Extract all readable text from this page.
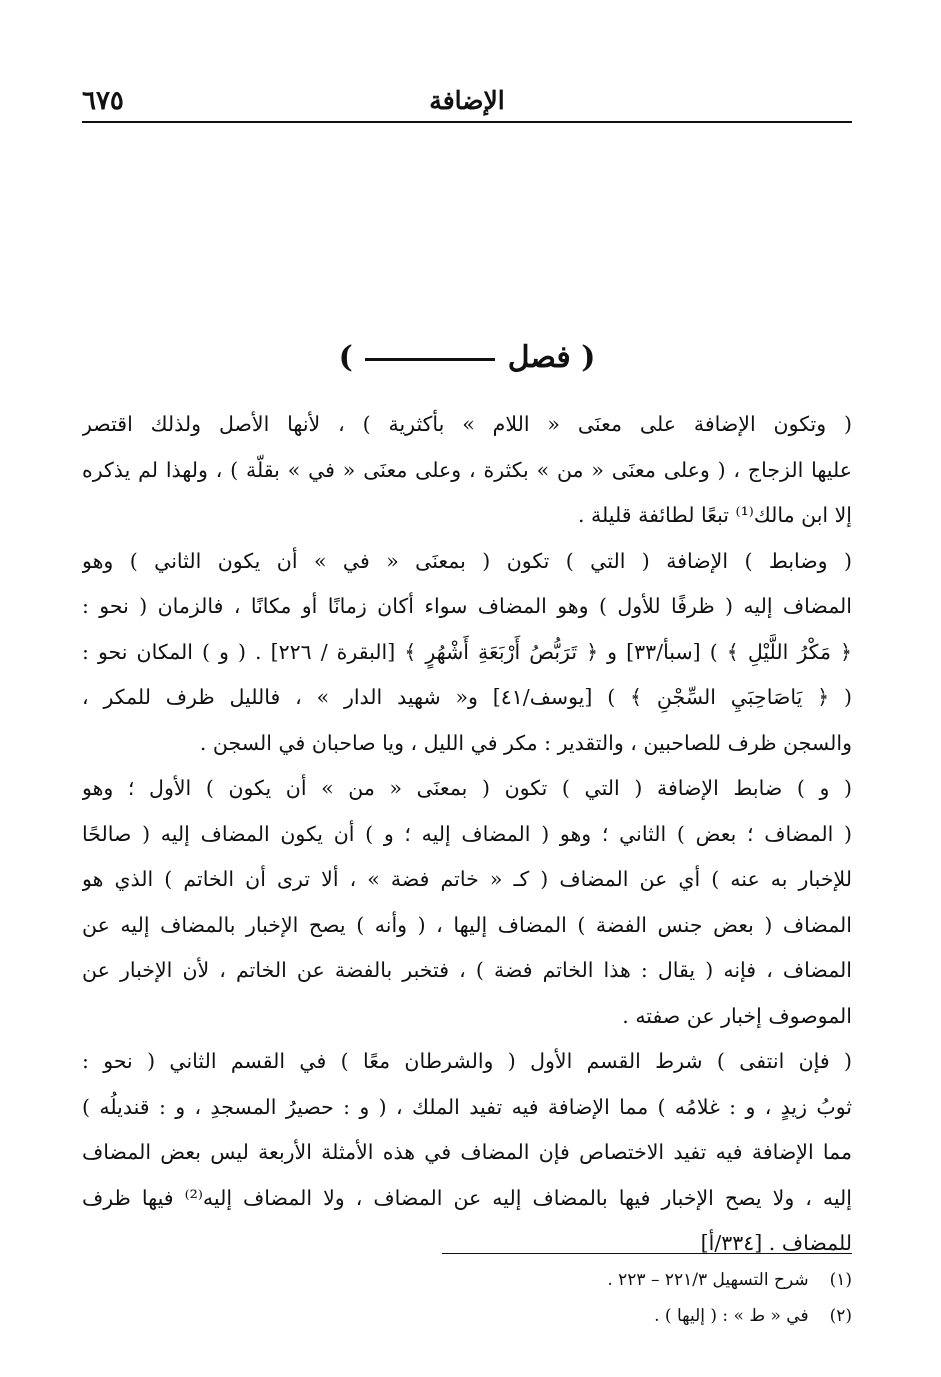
٦٧٥	الإضافة
( فصل  )
( وتكون الإضافة على معنَى « اللام » بأكثرية ) ، لأنها الأصل ولذلك اقتصر
عليها الزجاج ، ( وعلى معنَى « من » بكثرة ، وعلى معنَى « في » بقلّة ) ، ولهذا لم يذكره
إلا ابن مالك⁽¹⁾ تبعًا لطائفة قليلة .
( وضابط ) الإضافة ( التي ) تكون ( بمعنَى « في » أن يكون الثاني ) وهو
المضاف إليه ( ظرفًا للأول ) وهو المضاف سواء أكان زمانًا أو مكانًا ، فالزمان ( نحو :
﴿ مَكْرُ اللَّيْلِ ﴾ ) [سبأ/٣٣] و ﴿ تَرَبُّصُ أَرْبَعَةِ أَشْهُرٍ ﴾ [البقرة / ٢٢٦] . ( و ) المكان نحو :
( ﴿ يَاصَاحِبَيِ السِّجْنِ ﴾ ) [يوسف/٤١] و« شهيد الدار » ، فالليل ظرف للمكر ،
والسجن ظرف للصاحبين ، والتقدير : مكر في الليل ، ويا صاحبان في السجن .
( و ) ضابط الإضافة ( التي ) تكون ( بمعنَى « من » أن يكون ) الأول ؛ وهو
( المضاف ؛ بعض ) الثاني ؛ وهو ( المضاف إليه ؛ و ) أن يكون المضاف إليه ( صالحًا
للإخبار به عنه ) أي عن المضاف ( كـ « خاتم فضة » ، ألا ترى أن الخاتم ) الذي هو
المضاف ( بعض جنس الفضة ) المضاف إليها ، ( وأنه ) يصح الإخبار بالمضاف إليه عن
المضاف ، فإنه ( يقال : هذا الخاتم فضة ) ، فتخبر بالفضة عن الخاتم ، لأن الإخبار عن
الموصوف إخبار عن صفته .
( فإن انتفى ) شرط القسم الأول ( والشرطان معًا ) في القسم الثاني ( نحو :
ثوبُ زيدٍ ، و : غلامُه ) مما الإضافة فيه تفيد الملك ، ( و : حصيرُ المسجدِ ، و : قنديلُه )
مما الإضافة فيه تفيد الاختصاص فإن المضاف في هذه الأمثلة الأربعة ليس بعض المضاف
إليه ، ولا يصح الإخبار فيها بالمضاف إليه عن المضاف ، ولا المضاف إليه⁽²⁾ فيها ظرف
للمضاف . [٣٣٤/أ]
(١) شرح التسهيل ٢٢١/٣ – ٢٢٣ .
(٢) في « ط » : ( إليها ) .
